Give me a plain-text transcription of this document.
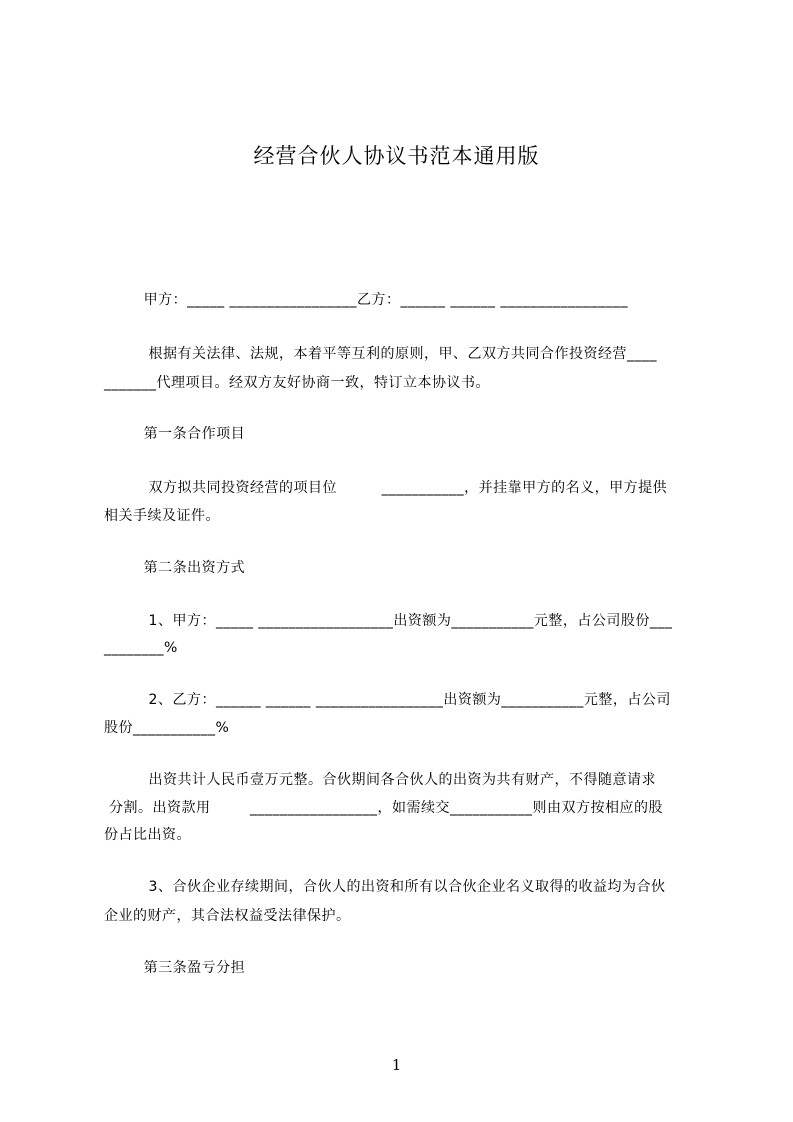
经营合伙人协议书范本通用版
甲方：_____ _________________乙方：______ ______ _________________
根据有关法律、法规，本着平等互利的原则，甲、乙双方共同合作投资经营____
_______代理项目。经双方友好协商一致，特订立本协议书。
第一条合作项目
双方拟共同投资经营的项目位         ___________，并挂靠甲方的名义，甲方提供
相关手续及证件。
第二条出资方式
1、甲方：_____ __________________出资额为___________元整，占公司股份___
________%
2、乙方：______ ______ _________________出资额为___________元整，占公司
股份___________%
出资共计人民币壹万元整。合伙期间各合伙人的出资为共有财产，不得随意请求
分割。出资款用        _________________，如需续交___________则由双方按相应的股
份占比出资。
3、合伙企业存续期间，合伙人的出资和所有以合伙企业名义取得的收益均为合伙
企业的财产，其合法权益受法律保护。
第三条盈亏分担
1
